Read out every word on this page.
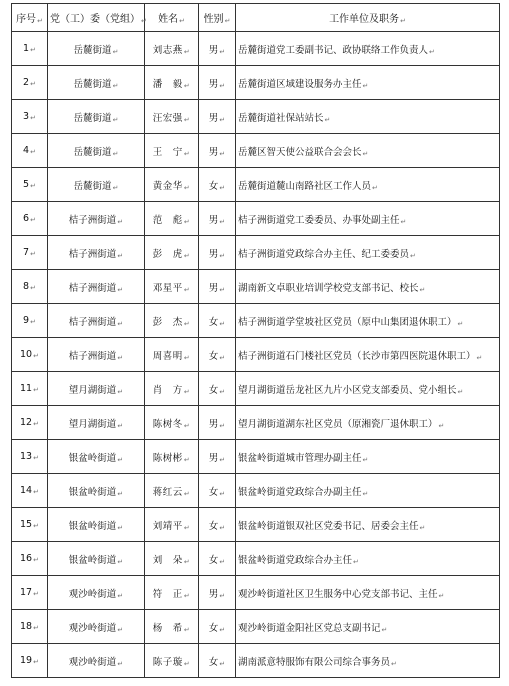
序号↵	党（工）委（党组）↵	姓名↵	性别↵	工作单位及职务↵
1↵	岳麓街道↵	刘志燕↵	男↵	岳麓街道党工委副书记、政协联络工作负责人↵
2↵	岳麓街道↵	潘　毅↵	男↵	岳麓街道区域建设服务办主任↵
3↵	岳麓街道↵	汪宏强↵	男↵	岳麓街道社保站站长↵
4↵	岳麓街道↵	王　宁↵	男↵	岳麓区智天使公益联合会会长↵
5↵	岳麓街道↵	黄金华↵	女↵	岳麓街道麓山南路社区工作人员↵
6↵	桔子洲街道↵	范　彪↵	男↵	桔子洲街道党工委委员、办事处副主任↵
7↵	桔子洲街道↵	彭　虎↵	男↵	桔子洲街道党政综合办主任、纪工委委员↵
8↵	桔子洲街道↵	邓星平↵	男↵	湖南新文卓职业培训学校党支部书记、校长↵
9↵	桔子洲街道↵	彭　杰↵	女↵	桔子洲街道学堂坡社区党员（原中山集团退休职工）↵
10↵	桔子洲街道↵	周喜明↵	女↵	桔子洲街道石门楼社区党员（长沙市第四医院退休职工）↵
11↵	望月湖街道↵	肖　方↵	女↵	望月湖街道岳龙社区九片小区党支部委员、党小组长↵
12↵	望月湖街道↵	陈树冬↵	男↵	望月湖街道湖东社区党员（原湘瓷厂退休职工）↵
13↵	银盆岭街道↵	陈树彬↵	男↵	银盆岭街道城市管理办副主任↵
14↵	银盆岭街道↵	蒋红云↵	女↵	银盆岭街道党政综合办副主任↵
15↵	银盆岭街道↵	刘靖平↵	女↵	银盆岭街道银双社区党委书记、居委会主任↵
16↵	银盆岭街道↵	刘　朵↵	女↵	银盆岭街道党政综合办主任↵
17↵	观沙岭街道↵	符　正↵	男↵	观沙岭街道社区卫生服务中心党支部书记、主任↵
18↵	观沙岭街道↵	杨　希↵	女↵	观沙岭街道金阳社区党总支副书记↵
19↵	观沙岭街道↵	陈子璇↵	女↵	湖南派意特服饰有限公司综合事务员↵
